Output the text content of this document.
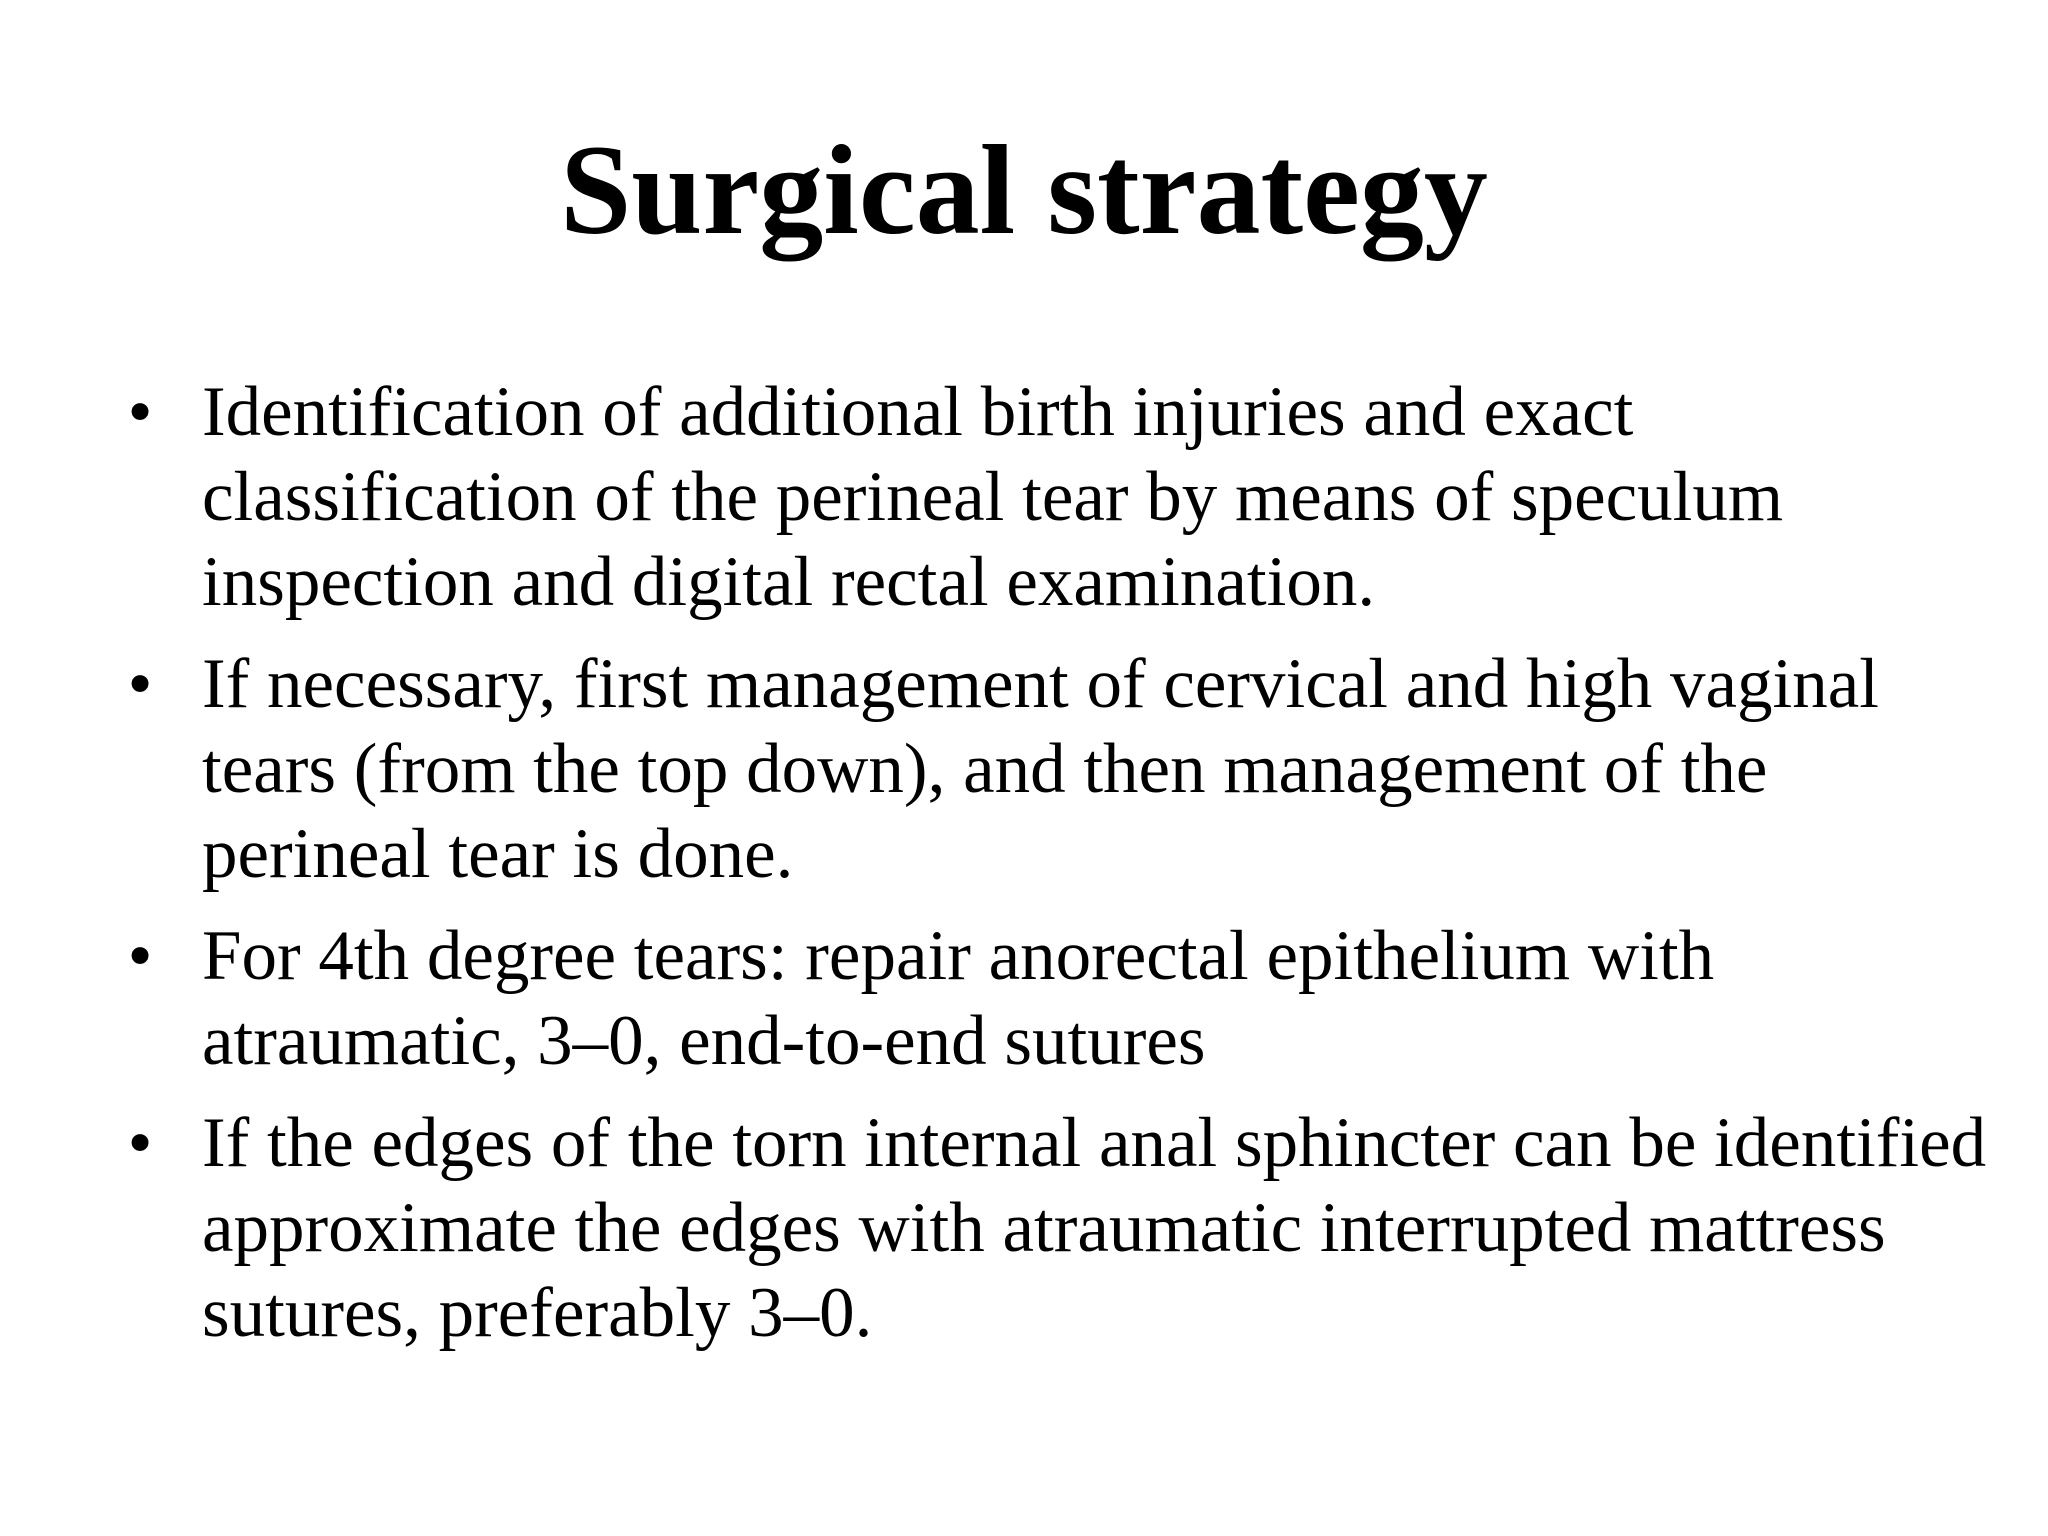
Surgical strategy
• Identification of additional birth injuries and exact classification of the perineal tear by means of speculum inspection and digital rectal examination.
• If necessary, first management of cervical and high vaginal tears (from the top down), and then management of the perineal tear is done.
• For 4th degree tears: repair anorectal epithelium with atraumatic, 3–0, end-to-end sutures
• If the edges of the torn internal anal sphincter can be identified approximate the edges with atraumatic interrupted mattress sutures, preferably 3–0.
